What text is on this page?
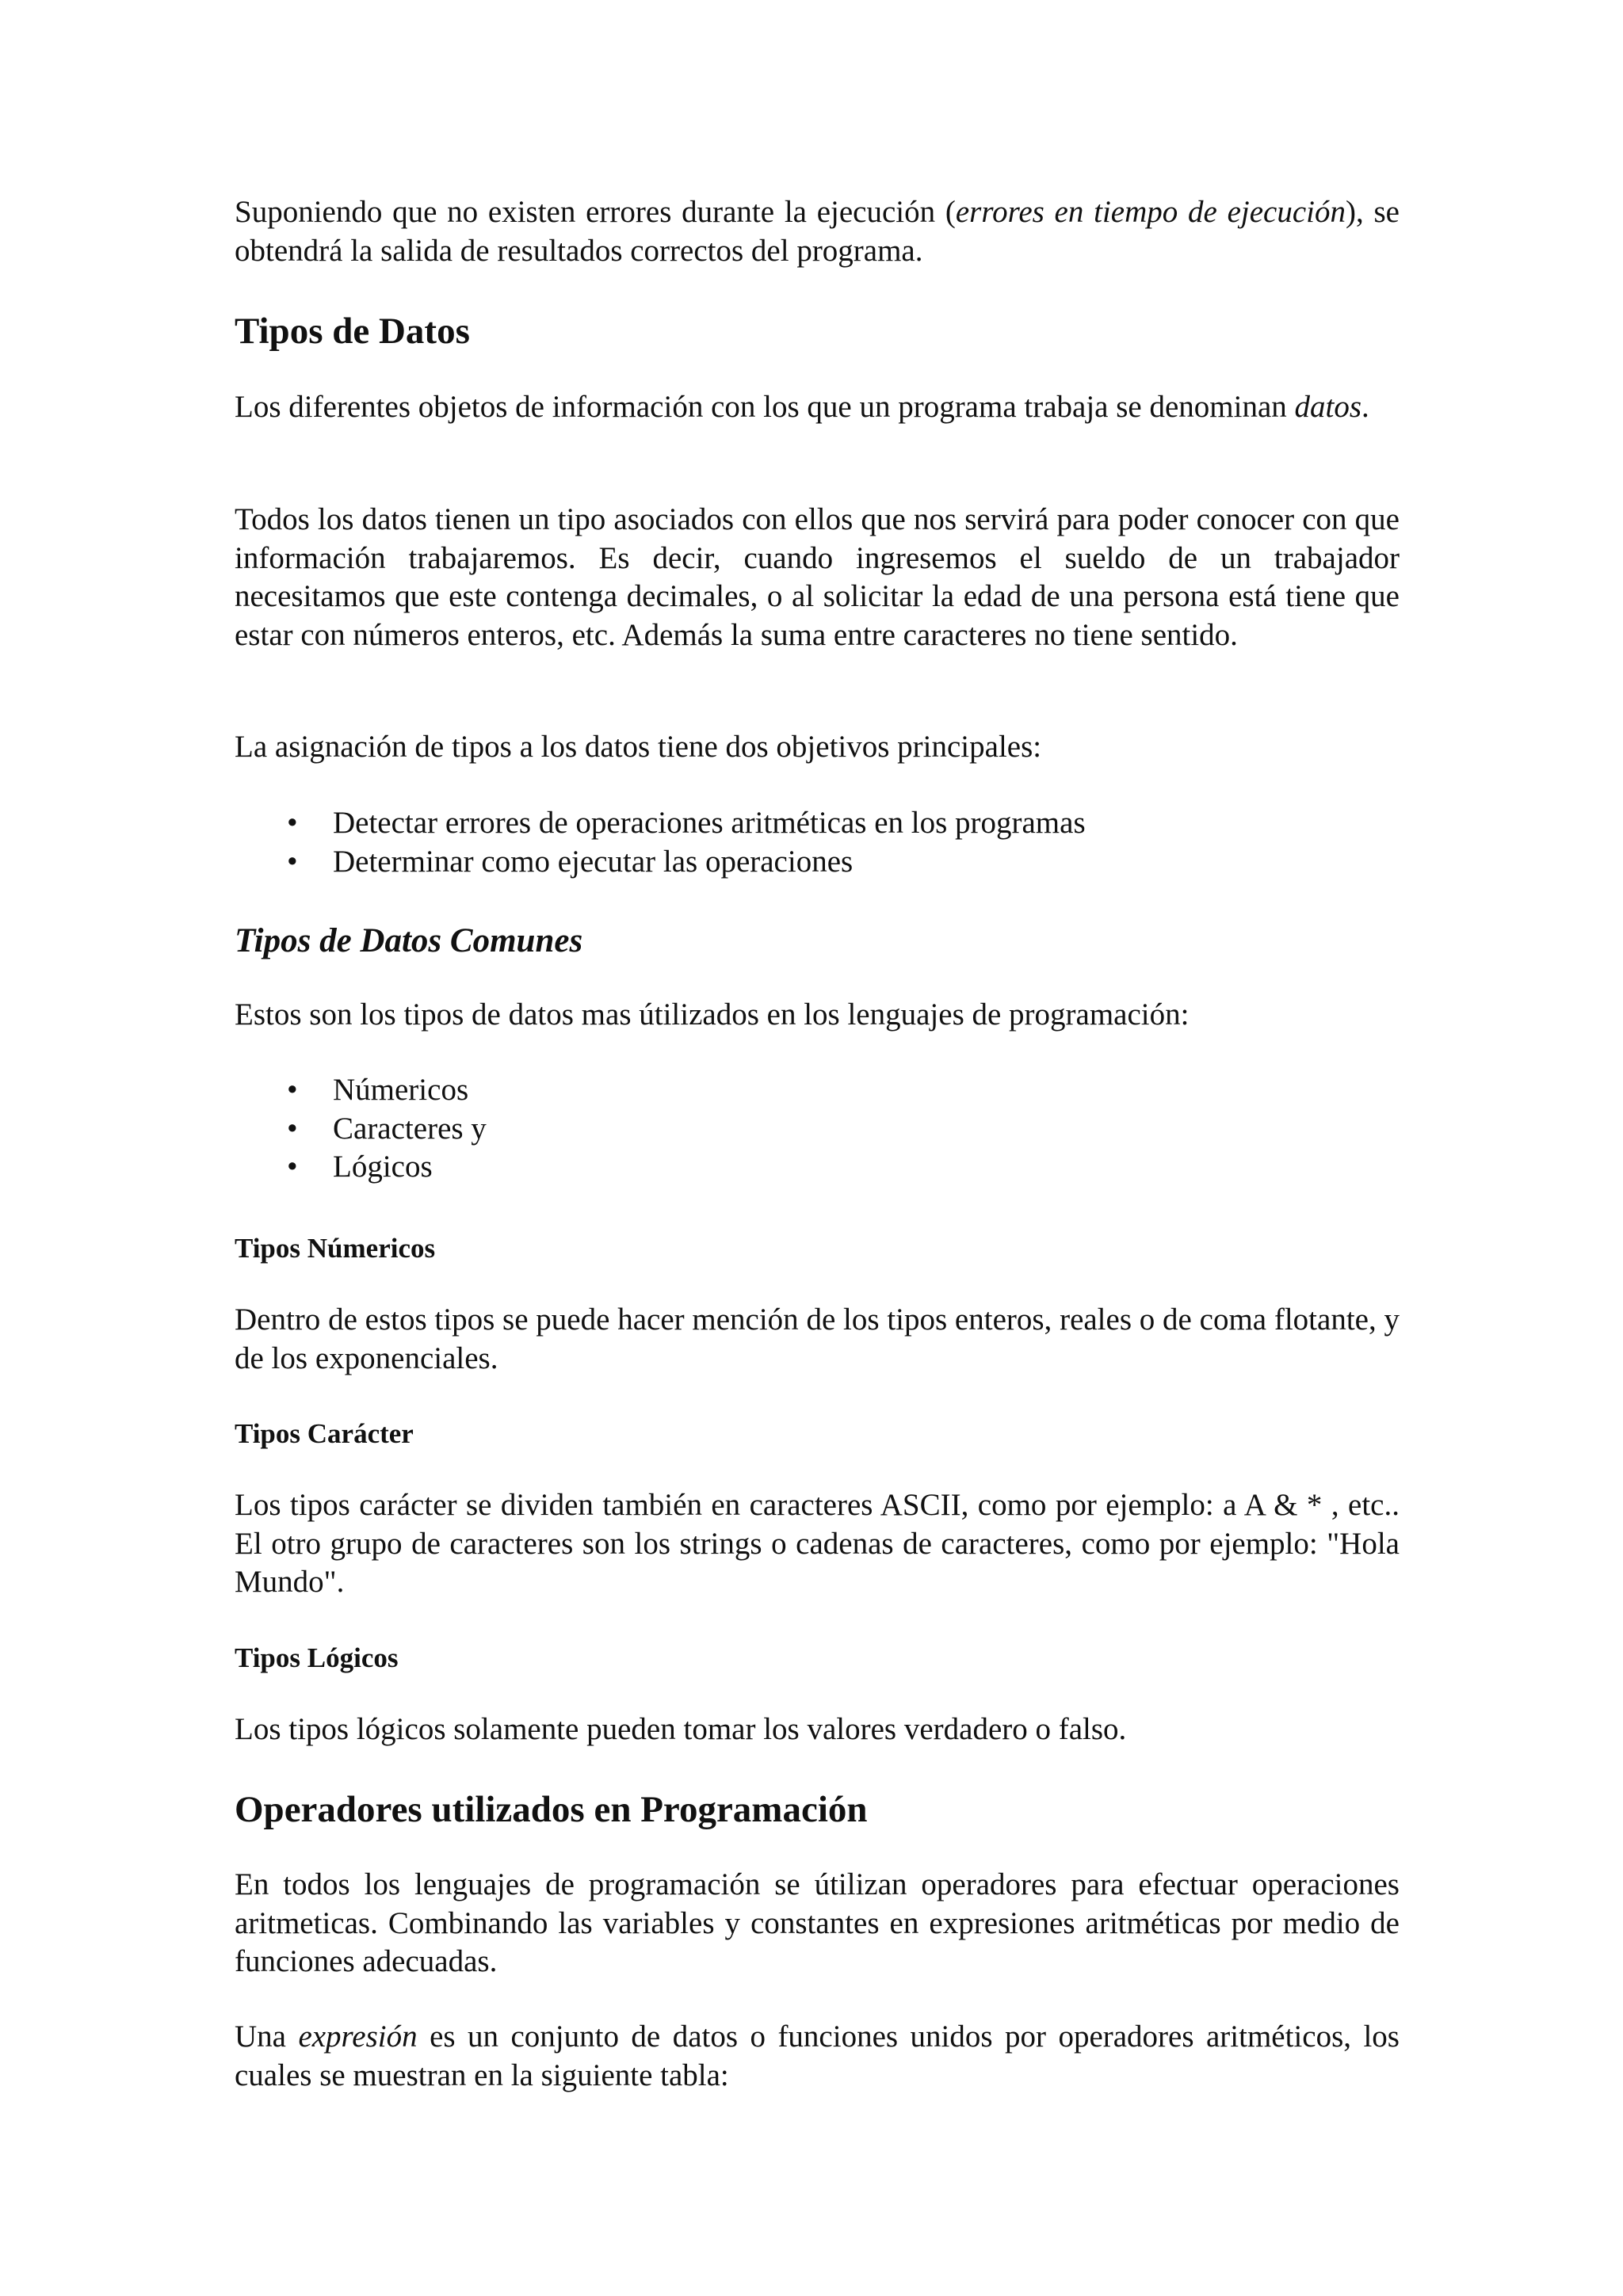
Suponiendo que no existen errores durante la ejecución (errores en tiempo de ejecución), se obtendrá la salida de resultados correctos del programa.

Tipos de Datos

Los diferentes objetos de información con los que un programa trabaja se denominan datos.

Todos los datos tienen un tipo asociados con ellos que nos servirá para poder conocer con que información trabajaremos. Es decir, cuando ingresemos el sueldo de un trabajador necesitamos que este contenga decimales, o al solicitar la edad de una persona está tiene que estar con números enteros, etc. Además la suma entre caracteres no tiene sentido.

La asignación de tipos a los datos tiene dos objetivos principales:

• Detectar errores de operaciones aritméticas en los programas
• Determinar como ejecutar las operaciones
Tipos de Datos Comunes

Estos son los tipos de datos mas útilizados en los lenguajes de programación:

• Númericos
• Caracteres y
• Lógicos
Tipos Númericos

Dentro de estos tipos se puede hacer mención de los tipos enteros, reales o de coma flotante, y de los exponenciales.

Tipos Carácter

Los tipos carácter se dividen también en caracteres ASCII, como por ejemplo: a A & * , etc.. El otro grupo de caracteres son los strings o cadenas de caracteres, como por ejemplo: "Hola Mundo".

Tipos Lógicos

Los tipos lógicos solamente pueden tomar los valores verdadero o falso.

Operadores utilizados en Programación

En todos los lenguajes de programación se útilizan operadores para efectuar operaciones aritmeticas. Combinando las variables y constantes en expresiones aritméticas por medio de funciones adecuadas.

Una expresión es un conjunto de datos o funciones unidos por operadores aritméticos, los cuales se muestran en la siguiente tabla:
